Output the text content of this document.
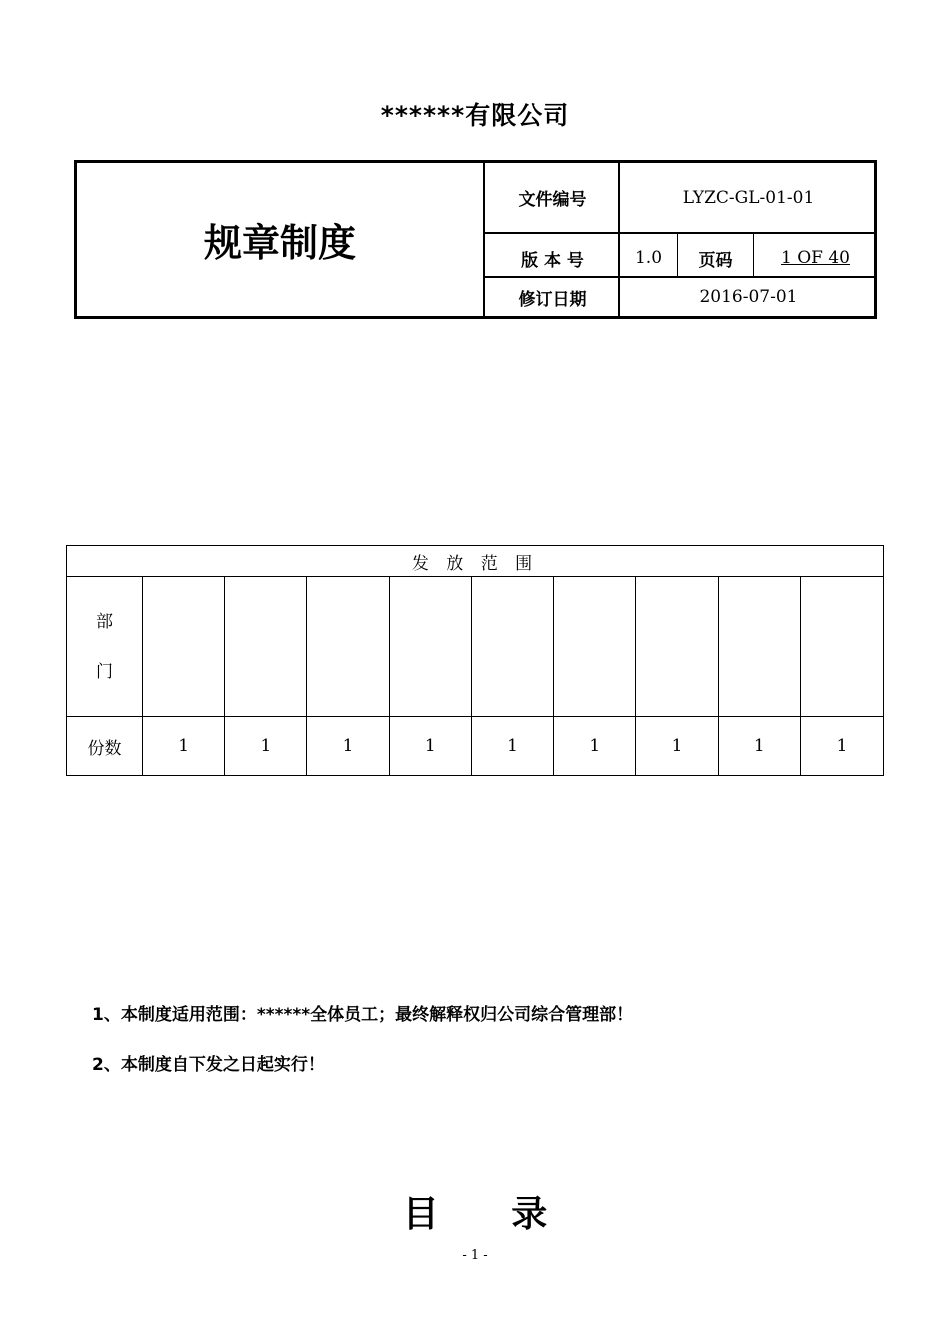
******有限公司
规章制度
文件编号	LYZC-GL-01-01
版 本 号	1.0	页码	1 OF 40
修订日期	2016-07-01
发 放 范 围									

部
门									

份数	1	1	1	1	1	1	1	1	1
1、本制度适用范围：******全体员工；最终解释权归公司综合管理部！
2、本制度自下发之日起实行！
目 录
- 1 -
